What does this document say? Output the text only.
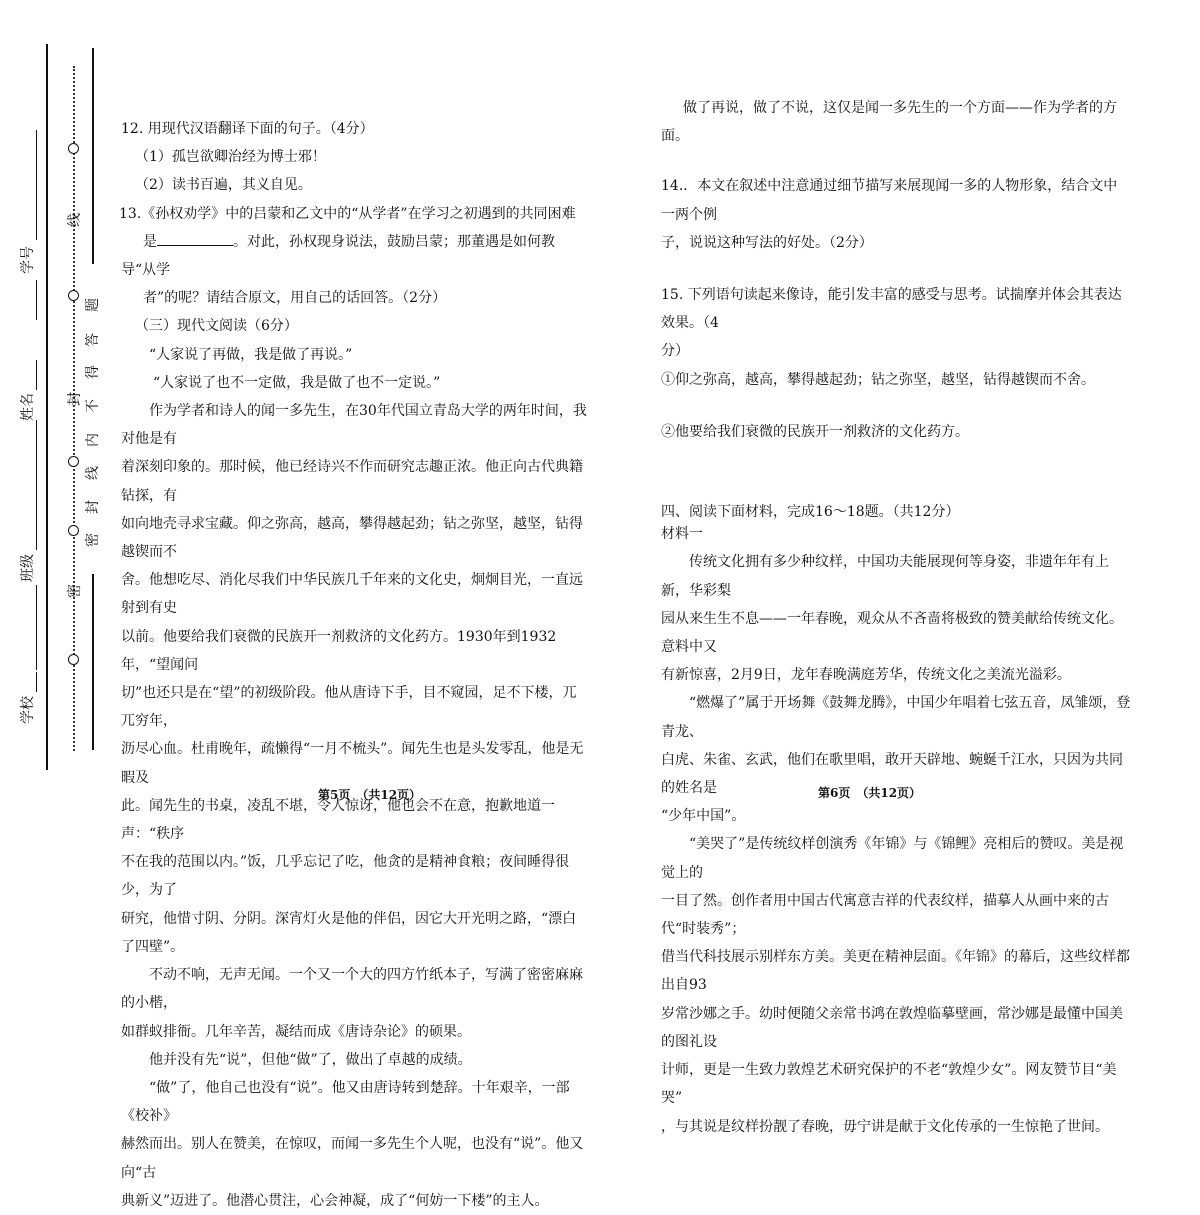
学号
姓名
班级
学校
线
题
答
得
封 不
内
线
封
密
密

12. 用现代汉语翻译下面的句子。（4分）

（1）孤岂欲卿治经为博士邪！

（2）读书百遍，其义自见。

13.《孙权劝学》中的吕蒙和乙文中的“从学者”在学习之初遇到的共同困难

是	。对此，孙权现身说法，鼓励吕蒙；那董遇是如何教导“从学

者”的呢？请结合原文，用自己的话回答。（2分）

（三）现代文阅读（6分）

“人家说了再做，我是做了再说。”

“人家说了也不一定做，我是做了也不一定说。”

作为学者和诗人的闻一多先生，在30年代国立青岛大学的两年时间，我对他是有

着深刻印象的。那时候，他已经诗兴不作而研究志趣正浓。他正向古代典籍钻探，有

如向地壳寻求宝藏。仰之弥高，越高，攀得越起劲；钻之弥坚，越坚，钻得越锲而不

舍。他想吃尽、消化尽我们中华民族几千年来的文化史，炯炯目光，一直远射到有史

以前。他要给我们衰微的民族开一剂救济的文化药方。1930年到1932年，“望闻问

切”也还只是在“望”的初级阶段。他从唐诗下手，目不窥园，足不下楼，兀兀穷年，

沥尽心血。杜甫晚年，疏懒得“一月不梳头”。闻先生也是头发零乱，他是无暇及

此。闻先生的书桌，凌乱不堪，令人惊讶，他也会不在意，抱歉地道一声：“秩序

不在我的范围以内。”饭，几乎忘记了吃，他贪的是精神食粮；夜间睡得很少，为了

研究，他惜寸阴、分阴。深宵灯火是他的伴侣，因它大开光明之路，“漂白了四壁”。

不动不响，无声无闻。一个又一个大的四方竹纸本子，写满了密密麻麻的小楷，

如群蚁排衙。几年辛苦，凝结而成《唐诗杂论》的硕果。

他并没有先“说”，但他“做”了，做出了卓越的成绩。

“做”了，他自己也没有“说”。他又由唐诗转到楚辞。十年艰辛，一部《校补》

赫然而出。别人在赞美，在惊叹，而闻一多先生个人呢，也没有“说”。他又向“古

典新义”迈进了。他潜心贯注，心会神凝，成了“何妨一下楼”的主人。

第5页　（共12页）

做了再说，做了不说，这仅是闻一多先生的一个方面——作为学者的方面。

14.．本文在叙述中注意通过细节描写来展现闻一多的人物形象，结合文中一两个例

子，说说这种写法的好处。（2分）

15. 下列语句读起来像诗，能引发丰富的感受与思考。试揣摩并体会其表达效果。（4

分）

①仰之弥高，越高，攀得越起劲；钻之弥坚，越坚，钻得越锲而不舍。

②他要给我们衰微的民族开一剂救济的文化药方。

四、阅读下面材料，完成16～18题。（共12分）

材料一

传统文化拥有多少种纹样，中国功夫能展现何等身姿，非遗年年有上新，华彩梨

园从来生生不息——一年春晚，观众从不吝啬将极致的赞美献给传统文化。意料中又

有新惊喜，2月9日，龙年春晚满庭芳华，传统文化之美流光溢彩。

“燃爆了”属于开场舞《鼓舞龙腾》，中国少年唱着七弦五音，凤雏颂，登青龙、

白虎、朱雀、玄武，他们在歌里唱，敢开天辟地、蜿蜒千江水，只因为共同的姓名是

“少年中国”。

“美哭了”是传统纹样创演秀《年锦》与《锦鲤》亮相后的赞叹。美是视觉上的

一目了然。创作者用中国古代寓意吉祥的代表纹样，描摹人从画中来的古代“时装秀”；

借当代科技展示别样东方美。美更在精神层面。《年锦》的幕后，这些纹样都出自93

岁常沙娜之手。幼时便随父亲常书鸿在敦煌临摹壁画，常沙娜是最懂中国美的图礼设

计师，更是一生致力敦煌艺术研究保护的不老“敦煌少女”。网友赞节目“美哭”

，与其说是纹样扮靓了春晚，毋宁讲是献于文化传承的一生惊艳了世间。

第6页　（共12页）
